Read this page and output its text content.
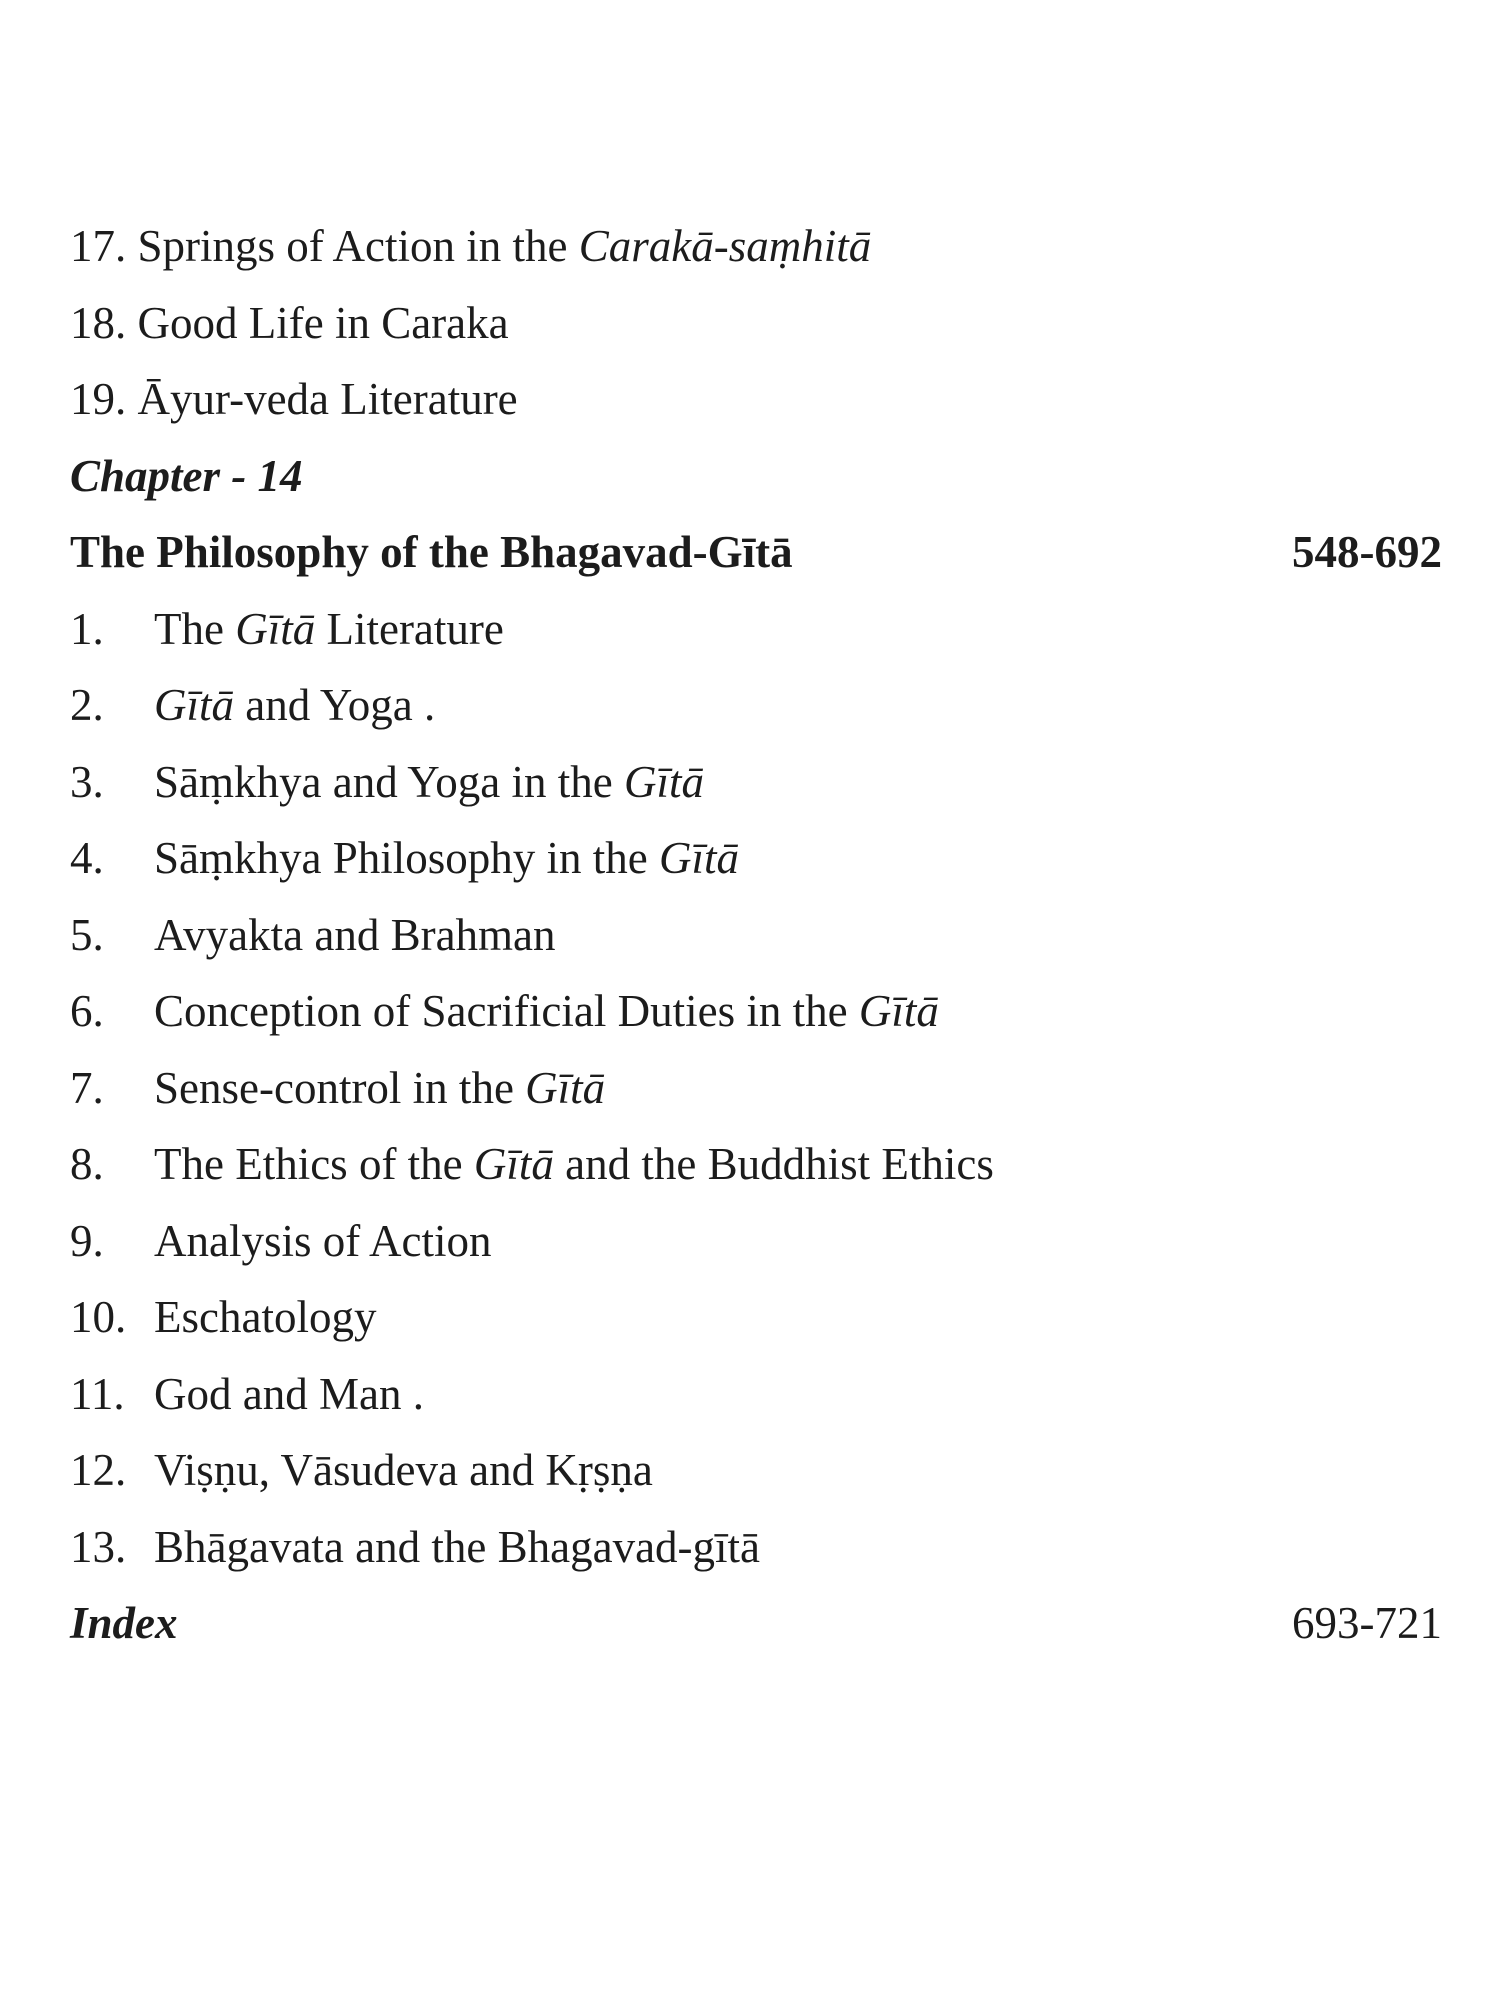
17. Springs of Action in the Carakā-saṃhitā
18. Good Life in Caraka
19. Āyur-veda Literature
Chapter - 14
The Philosophy of the Bhagavad-Gītā	548-692
1. The Gītā Literature
2. Gītā and Yoga .
3. Sāṃkhya and Yoga in the Gītā
4. Sāṃkhya Philosophy in the Gītā
5. Avyakta and Brahman
6. Conception of Sacrificial Duties in the Gītā
7. Sense-control in the Gītā
8. The Ethics of the Gītā and the Buddhist Ethics
9. Analysis of Action
10. Eschatology
11. God and Man .
12. Viṣṇu, Vāsudeva and Kṛṣṇa
13. Bhāgavata and the Bhagavad-gītā
Index	693-721
